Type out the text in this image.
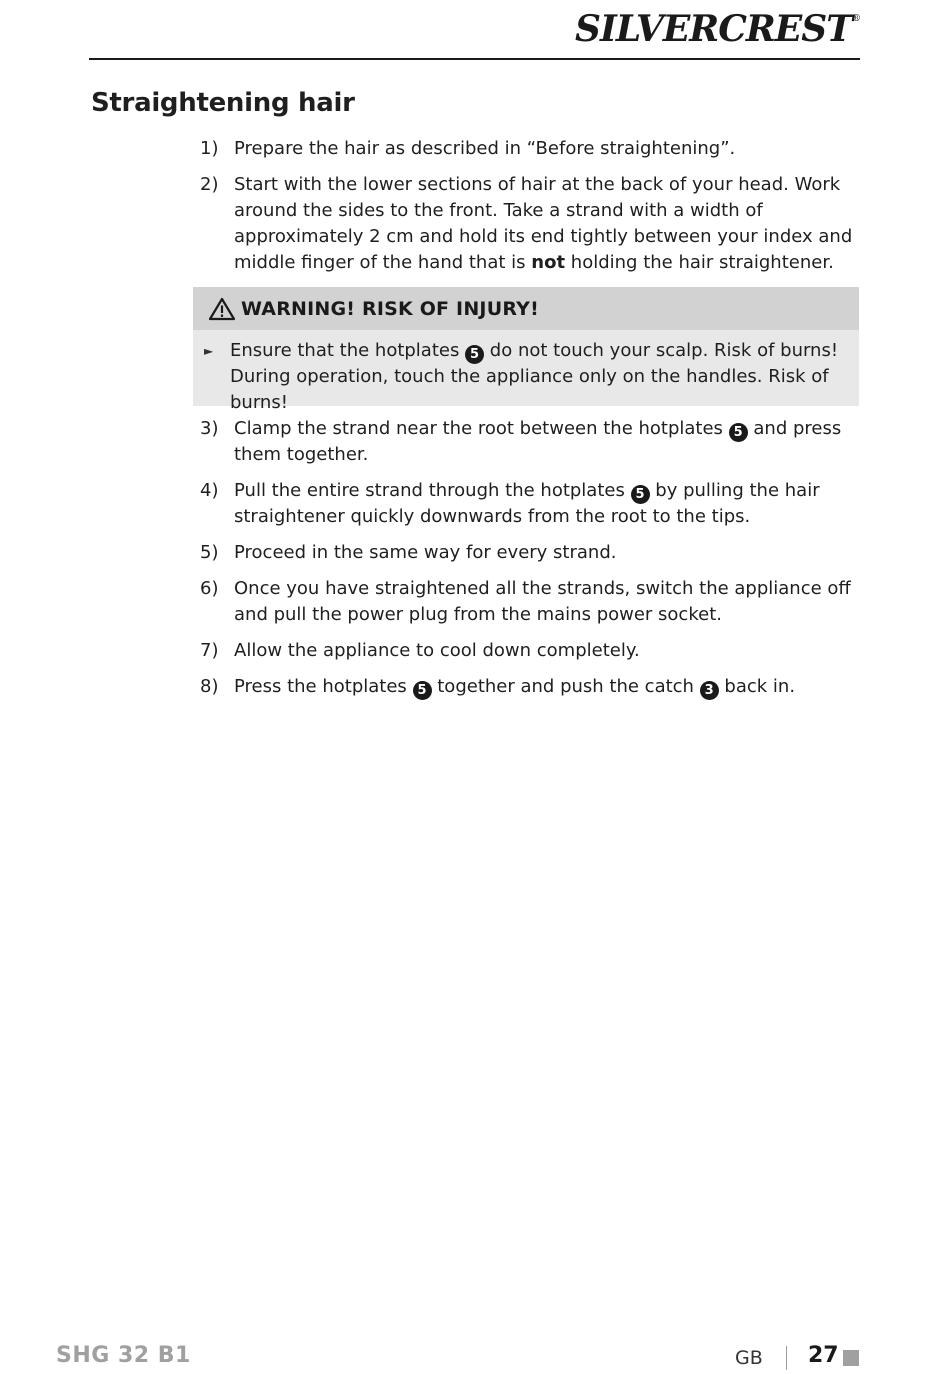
SILVERCREST®
Straightening hair
1) Prepare the hair as described in “Before straightening”.
2) Start with the lower sections of hair at the back of your head. Work around the sides to the front. Take a strand with a width of approximately 2 cm and hold its end tightly between your index and middle finger of the hand that is not holding the hair straightener.
WARNING! RISK OF INJURY!
► Ensure that the hotplates 5 do not touch your scalp. Risk of burns! During operation, touch the appliance only on the handles. Risk of burns!
3) Clamp the strand near the root between the hotplates 5 and press them together.
4) Pull the entire strand through the hotplates 5 by pulling the hair straightener quickly downwards from the root to the tips.
5) Proceed in the same way for every strand.
6) Once you have straightened all the strands, switch the appliance off and pull the power plug from the mains power socket.
7) Allow the appliance to cool down completely.
8) Press the hotplates 5 together and push the catch 3 back in.
SHG 32 B1	GB 27
